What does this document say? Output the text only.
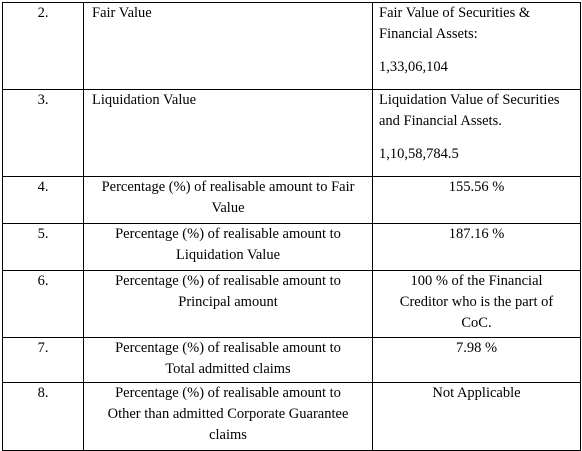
2.	Fair Value	Fair Value of Securities &
Financial Assets:
1,33,06,104

3.	Liquidation Value	Liquidation Value of Securities
and Financial Assets.
1,10,58,784.5

4.	Percentage (%) of realisable amount to Fair
Value	155.56 %

5.	Percentage (%) of realisable amount to
Liquidation Value	187.16 %

6.	Percentage (%) of realisable amount to
Principal amount	100 % of the Financial
Creditor who is the part of
CoC.

7.	Percentage (%) of realisable amount to
Total admitted claims	7.98 %

8.	Percentage (%) of realisable amount to
Other than admitted Corporate Guarantee
claims	Not Applicable
